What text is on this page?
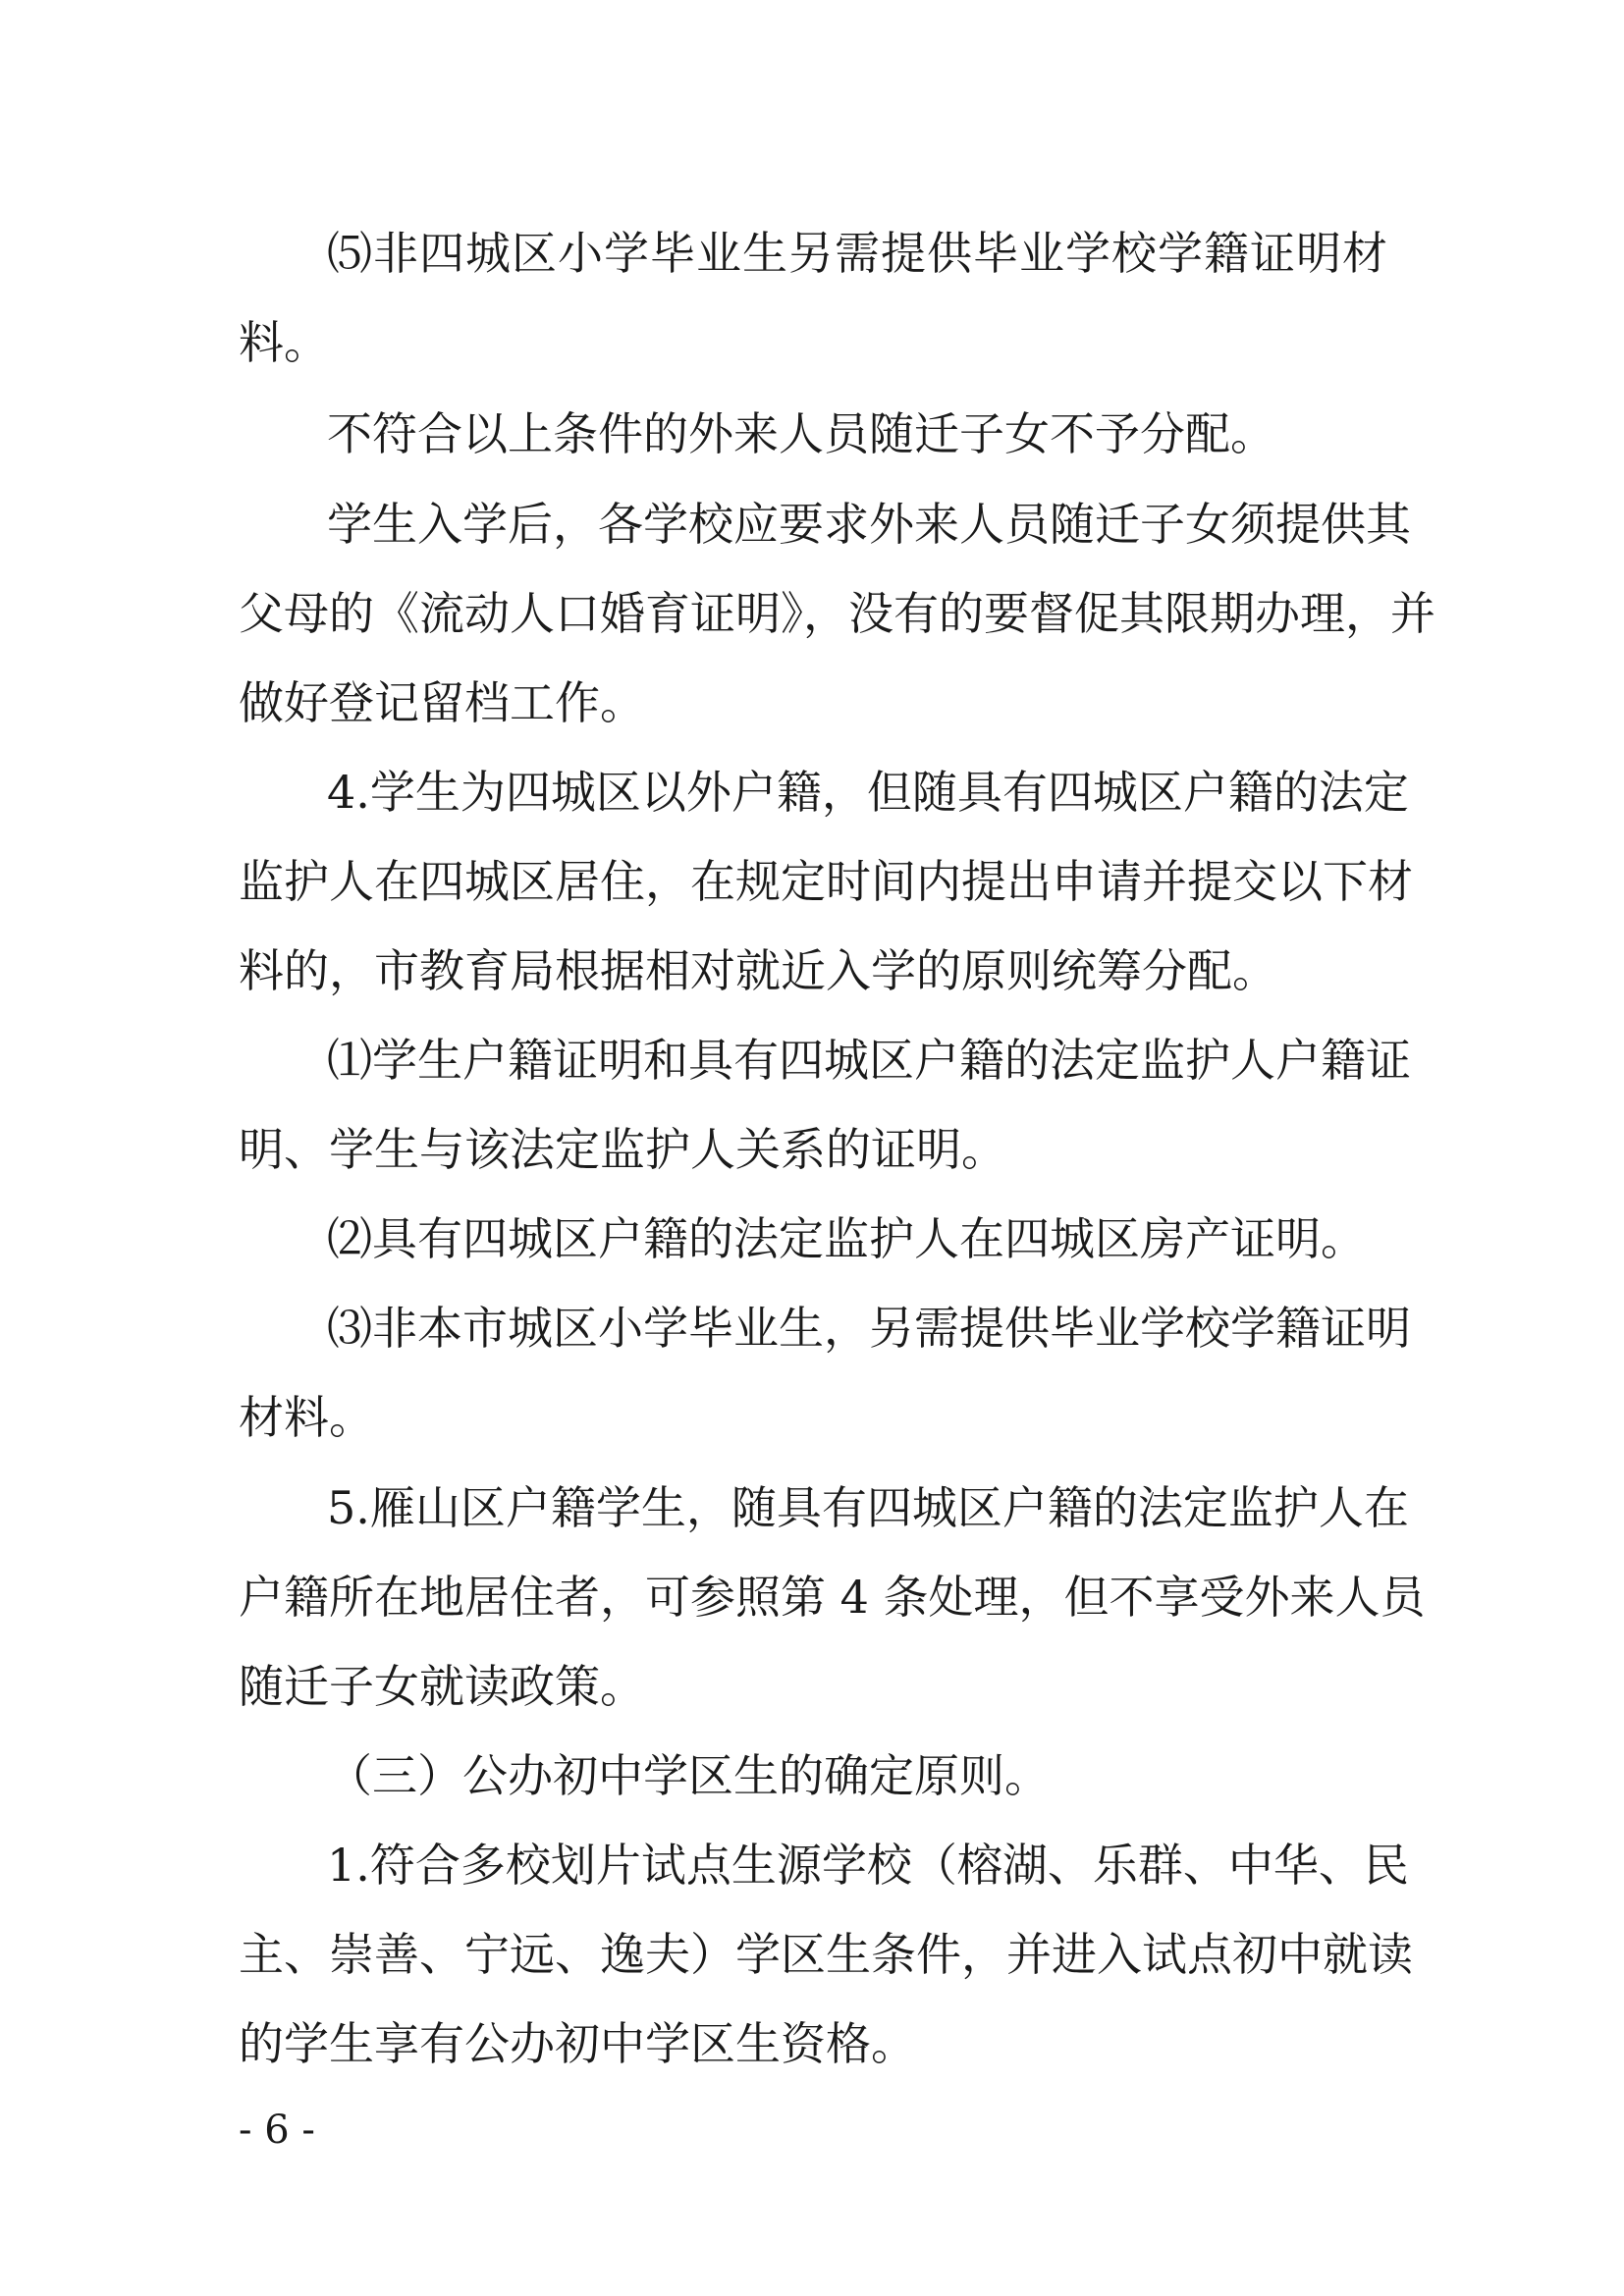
⑸非四城区小学毕业生另需提供毕业学校学籍证明材
料。
不符合以上条件的外来人员随迁子女不予分配。
学生入学后，各学校应要求外来人员随迁子女须提供其
父母的《流动人口婚育证明》，没有的要督促其限期办理，并
做好登记留档工作。
4.学生为四城区以外户籍，但随具有四城区户籍的法定
监护人在四城区居住，在规定时间内提出申请并提交以下材
料的，市教育局根据相对就近入学的原则统筹分配。
⑴学生户籍证明和具有四城区户籍的法定监护人户籍证
明、学生与该法定监护人关系的证明。
⑵具有四城区户籍的法定监护人在四城区房产证明。
⑶非本市城区小学毕业生，另需提供毕业学校学籍证明
材料。
5.雁山区户籍学生，随具有四城区户籍的法定监护人在
户籍所在地居住者，可参照第 4 条处理，但不享受外来人员
随迁子女就读政策。
（三）公办初中学区生的确定原则。
1.符合多校划片试点生源学校（榕湖、乐群、中华、民
主、崇善、宁远、逸夫）学区生条件，并进入试点初中就读
的学生享有公办初中学区生资格。
- 6 -
